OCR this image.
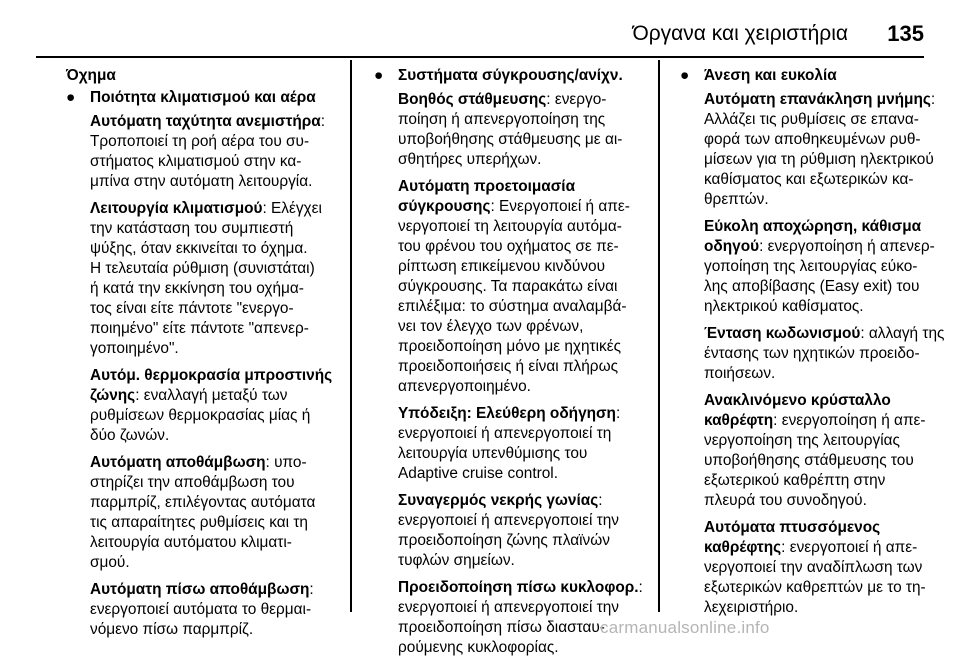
Όργανα και χειριστήρια 135
Όχημα
● Ποιότητα κλιματισμού και αέρα

Αυτόματη ταχύτητα ανεμιστήρα:
Τροποποιεί τη ροή αέρα του συ-
στήματος κλιματισμού στην κα-
μπίνα στην αυτόματη λειτουργία.

Λειτουργία κλιματισμού: Ελέγχει
την κατάσταση του συμπιεστή
ψύξης, όταν εκκινείται το όχημα.
Η τελευταία ρύθμιση (συνιστάται)
ή κατά την εκκίνηση του οχήμα-
τος είναι είτε πάντοτε "ενεργο-
ποιημένο" είτε πάντοτε "απενερ-
γοποιημένο".

Αυτόμ. θερμοκρασία μπροστινής ζώνης: εναλλαγή μεταξύ των
ρυθμίσεων θερμοκρασίας μίας ή
δύο ζωνών.

Αυτόματη αποθάμβωση: υπο-
στηρίζει την αποθάμβωση του
παρμπρίζ, επιλέγοντας αυτόματα
τις απαραίτητες ρυθμίσεις και τη
λειτουργία αυτόματου κλιματι-
σμού.

Αυτόματη πίσω αποθάμβωση:
ενεργοποιεί αυτόματα το θερμαι-
νόμενο πίσω παρμπρίζ.

● Συστήματα σύγκρουσης/ανίχν.

Βοηθός στάθμευσης: ενεργο-
ποίηση ή απενεργοποίηση της
υποβοήθησης στάθμευσης με αι-
σθητήρες υπερήχων.

Αυτόματη προετοιμασία σύγκρουσης: Ενεργοποιεί ή απε-
νεργοποιεί τη λειτουργία αυτόμα-
του φρένου του οχήματος σε πε-
ρίπτωση επικείμενου κινδύνου
σύγκρουσης. Τα παρακάτω είναι
επιλέξιμα: το σύστημα αναλαμβά-
νει τον έλεγχο των φρένων,
προειδοποίηση μόνο με ηχητικές
προειδοποιήσεις ή είναι πλήρως
απενεργοποιημένο.

Υπόδειξη: Ελεύθερη οδήγηση:
ενεργοποιεί ή απενεργοποιεί τη
λειτουργία υπενθύμισης του
Adaptive cruise control.

Συναγερμός νεκρής γωνίας:
ενεργοποιεί ή απενεργοποιεί την
προειδοποίηση ζώνης πλαϊνών
τυφλών σημείων.

Προειδοποίηση πίσω κυκλοφορ.:
ενεργοποιεί ή απενεργοποιεί την
προειδοποίηση πίσω διασταυ-
ρούμενης κυκλοφορίας.

● Άνεση και ευκολία

Αυτόματη επανάκληση μνήμης:
Αλλάζει τις ρυθμίσεις σε επανα-
φορά των αποθηκευμένων ρυθ-
μίσεων για τη ρύθμιση ηλεκτρικού
καθίσματος και εξωτερικών κα-
θρεπτών.

Εύκολη αποχώρηση, κάθισμα οδηγού: ενεργοποίηση ή απενερ-
γοποίηση της λειτουργίας εύκο-
λης αποβίβασης (Easy exit) του
ηλεκτρικού καθίσματος.

Ένταση κωδωνισμού: αλλαγή της
έντασης των ηχητικών προειδο-
ποιήσεων.

Ανακλινόμενο κρύσταλλο καθρέφτη: ενεργοποίηση ή απε-
νεργοποίηση της λειτουργίας
υποβοήθησης στάθμευσης του
εξωτερικού καθρέπτη στην
πλευρά του συνοδηγού.

Αυτόματα πτυσσόμενος καθρέφτης: ενεργοποιεί ή απε-
νεργοποιεί την αναδίπλωση των
εξωτερικών καθρεπτών με το τη-
λεχειριστήριο.

carmanualsonline.info
